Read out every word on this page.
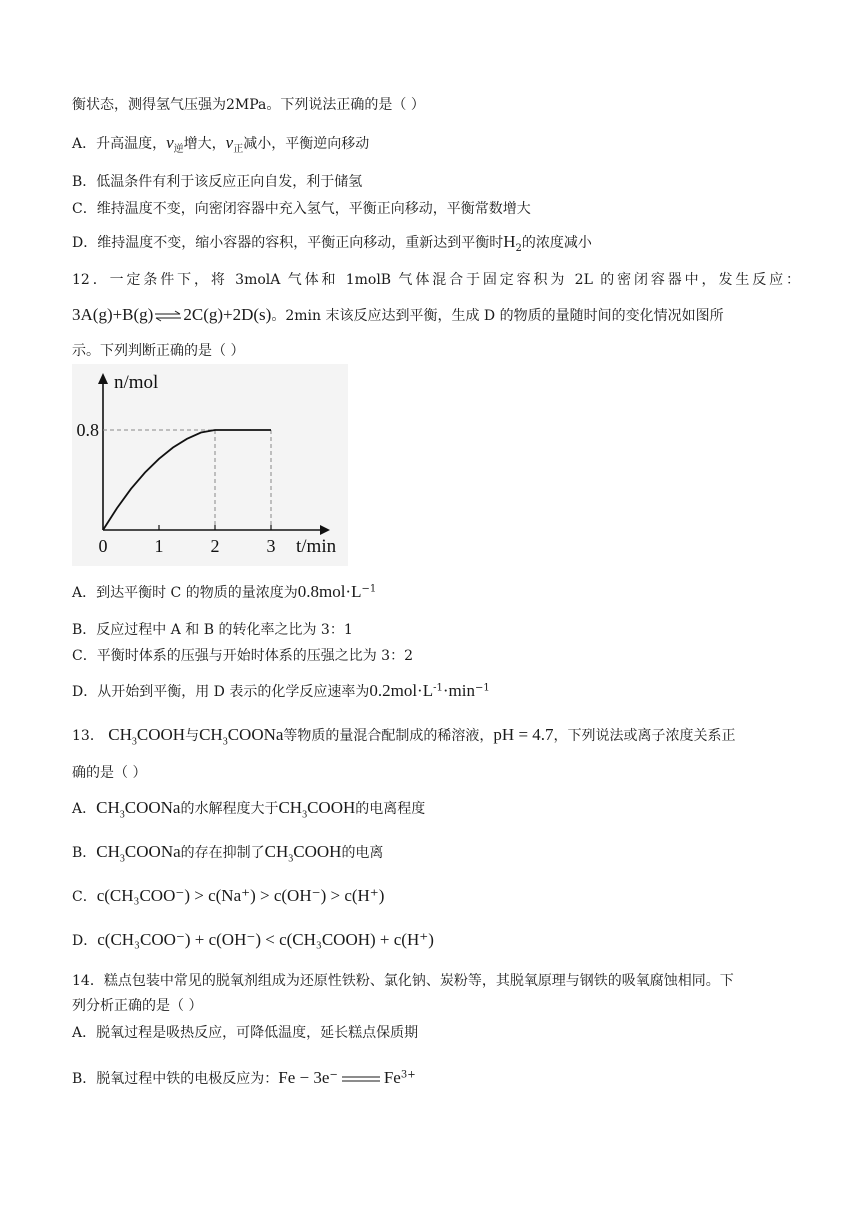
衡状态，测得氢气压强为2MPa。下列说法正确的是（ ）
A．升高温度，$v_逆$增大，$v_正$减小，平衡逆向移动
B．低温条件有利于该反应正向自发，利于储氢
C．维持温度不变，向密闭容器中充入氢气，平衡正向移动，平衡常数增大
D．维持温度不变，缩小容器的容积，平衡正向移动，重新达到平衡时$H_2$的浓度减小
12．一定条件下，将 3molA 气体和 1molB 气体混合于固定容积为 2L 的密闭容器中，发生反应：
3A(g)+B(g)⇌2C(g)+2D(s)。2min 末该反应达到平衡，生成 D 的物质的量随时间的变化情况如图所
示。下列判断正确的是（ ）
0	1	2	3
0.8
n/mol
t/min
A．到达平衡时 C 的物质的量浓度为$0.8mol\cdot L^{-1}$
B．反应过程中 A 和 B 的转化率之比为 3：1
C．平衡时体系的压强与开始时体系的压强之比为 3：2
D．从开始到平衡，用 D 表示的化学反应速率为$0.2mol\cdot L^{-1}\cdot\min^{-1}$
13． $CH_3COOH$与$CH_3COONa$等物质的量混合配制成的稀溶液，pH = 4.7，下列说法或离子浓度关系正
确的是（ ）
A．$CH_3COONa$的水解程度大于$CH_3COOH$的电离程度
B．$CH_3COONa$的存在抑制了$CH_3COOH$的电离
C．c(CH₃COO⁻) > c(Na⁺) > c(OH⁻) > c(H⁺)
D．c(CH₃COO⁻) + c(OH⁻) < c(CH₃COOH) + c(H⁺)
14．糕点包装中常见的脱氧剂组成为还原性铁粉、氯化钠、炭粉等，其脱氧原理与钢铁的吸氧腐蚀相同。下
列分析正确的是（ ）
A．脱氧过程是吸热反应，可降低温度，延长糕点保质期
B．脱氧过程中铁的电极反应为：Fe − 3e−	$Fe^{3+}$
